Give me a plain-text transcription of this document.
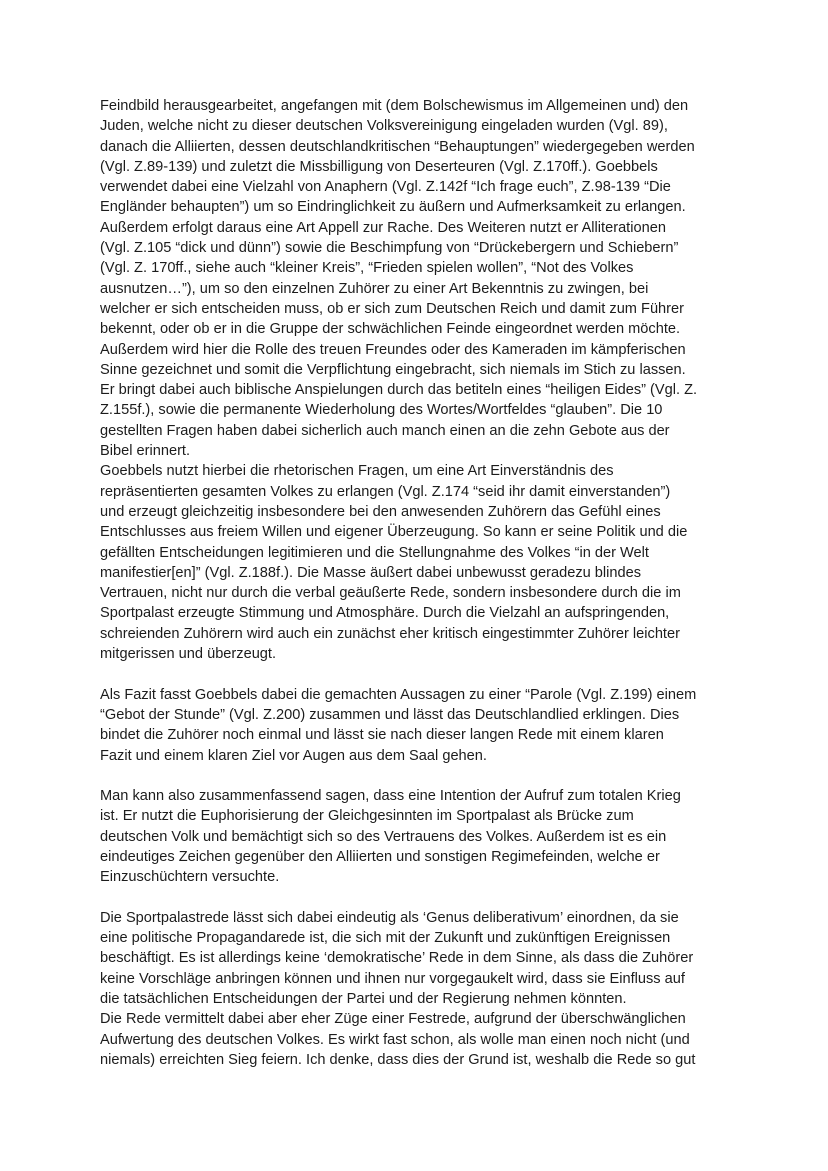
Feindbild herausgearbeitet, angefangen mit (dem Bolschewismus im Allgemeinen und) den
Juden, welche nicht zu dieser deutschen Volksvereinigung eingeladen wurden (Vgl. 89),
danach die Alliierten, dessen deutschlandkritischen “Behauptungen” wiedergegeben werden
(Vgl. Z.89-139) und zuletzt die Missbilligung von Deserteuren (Vgl. Z.170ff.). Goebbels
verwendet dabei eine Vielzahl von Anaphern (Vgl. Z.142f “Ich frage euch”, Z.98-139 “Die
Engländer behaupten”) um so Eindringlichkeit zu äußern und Aufmerksamkeit zu erlangen.
Außerdem erfolgt daraus eine Art Appell zur Rache. Des Weiteren nutzt er Alliterationen
(Vgl. Z.105 “dick und dünn”) sowie die Beschimpfung von “Drückebergern und Schiebern”
(Vgl. Z. 170ff., siehe auch “kleiner Kreis”, “Frieden spielen wollen”, “Not des Volkes
ausnutzen…”), um so den einzelnen Zuhörer zu einer Art Bekenntnis zu zwingen, bei
welcher er sich entscheiden muss, ob er sich zum Deutschen Reich und damit zum Führer
bekennt, oder ob er in die Gruppe der schwächlichen Feinde eingeordnet werden möchte.
Außerdem wird hier die Rolle des treuen Freundes oder des Kameraden im kämpferischen
Sinne gezeichnet und somit die Verpflichtung eingebracht, sich niemals im Stich zu lassen.
Er bringt dabei auch biblische Anspielungen durch das betiteln eines “heiligen Eides” (Vgl. Z.
Z.155f.), sowie die permanente Wiederholung des Wortes/Wortfeldes “glauben”. Die 10
gestellten Fragen haben dabei sicherlich auch manch einen an die zehn Gebote aus der
Bibel erinnert.
Goebbels nutzt hierbei die rhetorischen Fragen, um eine Art Einverständnis des
repräsentierten gesamten Volkes zu erlangen (Vgl. Z.174 “seid ihr damit einverstanden”)
und erzeugt gleichzeitig insbesondere bei den anwesenden Zuhörern das Gefühl eines
Entschlusses aus freiem Willen und eigener Überzeugung. So kann er seine Politik und die
gefällten Entscheidungen legitimieren und die Stellungnahme des Volkes “in der Welt
manifestier[en]” (Vgl. Z.188f.). Die Masse äußert dabei unbewusst geradezu blindes
Vertrauen, nicht nur durch die verbal geäußerte Rede, sondern insbesondere durch die im
Sportpalast erzeugte Stimmung und Atmosphäre. Durch die Vielzahl an aufspringenden,
schreienden Zuhörern wird auch ein zunächst eher kritisch eingestimmter Zuhörer leichter
mitgerissen und überzeugt.
Als Fazit fasst Goebbels dabei die gemachten Aussagen zu einer “Parole (Vgl. Z.199) einem
“Gebot der Stunde” (Vgl. Z.200) zusammen und lässt das Deutschlandlied erklingen. Dies
bindet die Zuhörer noch einmal und lässt sie nach dieser langen Rede mit einem klaren
Fazit und einem klaren Ziel vor Augen aus dem Saal gehen.
Man kann also zusammenfassend sagen, dass eine Intention der Aufruf zum totalen Krieg
ist. Er nutzt die Euphorisierung der Gleichgesinnten im Sportpalast als Brücke zum
deutschen Volk und bemächtigt sich so des Vertrauens des Volkes. Außerdem ist es ein
eindeutiges Zeichen gegenüber den Alliierten und sonstigen Regimefeinden, welche er
Einzuschüchtern versuchte.
Die Sportpalastrede lässt sich dabei eindeutig als ‘Genus deliberativum’ einordnen, da sie
eine politische Propagandarede ist, die sich mit der Zukunft und zukünftigen Ereignissen
beschäftigt. Es ist allerdings keine ‘demokratische’ Rede in dem Sinne, als dass die Zuhörer
keine Vorschläge anbringen können und ihnen nur vorgegaukelt wird, dass sie Einfluss auf
die tatsächlichen Entscheidungen der Partei und der Regierung nehmen könnten.
Die Rede vermittelt dabei aber eher Züge einer Festrede, aufgrund der überschwänglichen
Aufwertung des deutschen Volkes. Es wirkt fast schon, als wolle man einen noch nicht (und
niemals) erreichten Sieg feiern. Ich denke, dass dies der Grund ist, weshalb die Rede so gut
